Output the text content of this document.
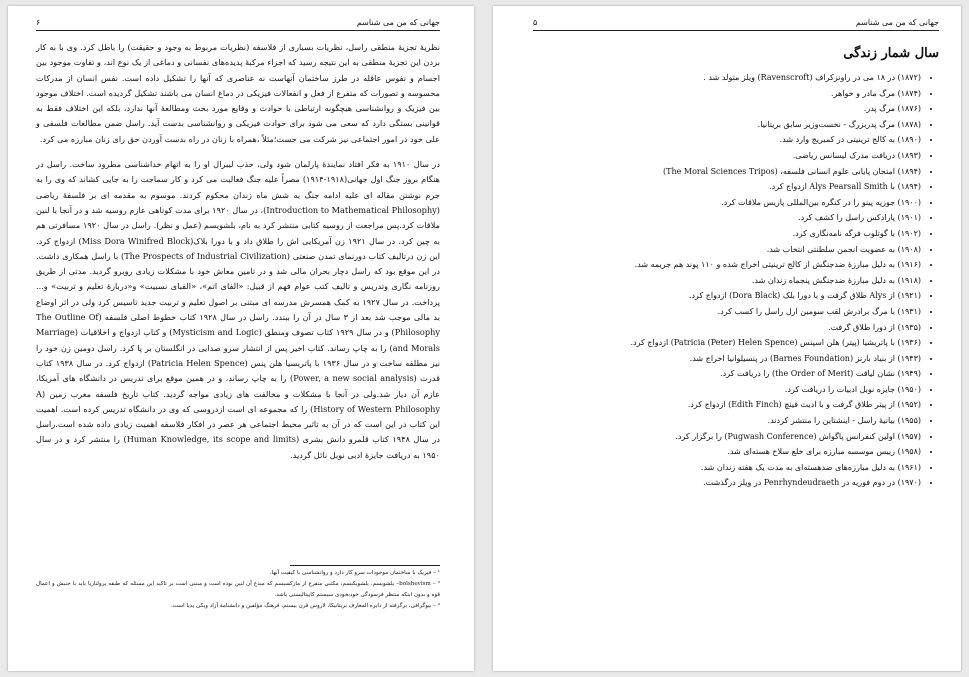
جهانی که من می شناسم
۶

نظریهٔ تجزیهٔ منطقی راسل، نظریات بسیاری از فلاسفه (نظریات مربوط به وجود و حقیقت) را باطل کرد. وی با به کار بردن این تجزیهٔ منطقی به این نتیجه رسید که اجزاء مرکبهٔ پدیده‌های نفسانی و دماغی از یک نوع اند، و تفاوت موجود بین اجسام و نفوس عاقله در طرز ساختمان آنهاست نه عناصری که آنها را تشکیل داده است. نفس انسان از مدرکات محسوسه و تصورات که متفرع از فعل و انفعالات فیزیکی در دماغ انسان می باشند تشکیل گردیده است. اختلاف موجود بین فیزیک و روانشناسی هیچگونه ارتباطی با حوادث و وقایع مورد بحث ومطالعهٔ آنها ندارد، بلکه این اختلاف فقط به قوانینی بستگی دارد که سعی می شود برای حوادث فیزیکی و روانشناسی بدست آید. راسل ضمن مطالعات فلسفی و علی خود در امور اجتماعی نیز شرکت می جست؛مثلاً ،همراه با زنان در راه بدست آوردن حق رای زنان مبارزه می کرد.

در سال ۱۹۱۰ به فکر افتاد نمایندهٔ پارلمان شود ولی، حذب لیبرال او را به اتهام خداشناسی مطرود ساخت. راسل در هنگام بروز جنگ اول جهانی(۱۹۱۸-۱۹۱۴) مصراً علیه جنگ فعالیت می کرد و کار سماجت را به جایی کشاند که وی را به جرم نوشتن مقاله ای علیه ادامه جنگ به شش ماه زندان محکوم کردند. موسوم به مقدمه ای بر فلسفهٔ ریاضی (Introduction to Mathematical Philosophy)، در سال ۱۹۲۰ برای مدت کوتاهی عازم روسیه شد و در آنجا با لنین ملاقات کرد.پس مراجعت از روسیه کتابی منتشر کرد به نام، بلشویسم (عمل و نظر). راسل در سال ۱۹۲۰ مسافرتی هم به چین کرد. در سال ۱۹۲۱ زن آمریکایی اش را طلاق داد و با دورا بلاک(Miss Dora Winifred Block) ازدواج کرد. این زن درتالیف کتاب دورنمای تمدن صنعتی (The Prospects of Industrial Civilization) با راسل همکاری داشت. در این موقع بود که راسل دچار بحران مالی شد و در تامین معاش خود با مشکلات زیادی روبرو گردید. مدتی از طریق روزنامه نگاری وتدریس و تالیف کتب عوام فهم از قبیل: «الفای اتم»، «الفبای نسبیت» و«دربارهٔ تعلیم و تربیت» و... پرداخت. در سال ۱۹۲۷ به کمک همسرش مدرسه ای مبتنی بر اصول تعلیم و تربیت جدید تاسیس کرد ولی در اثر اوضاع بد مالی موجب شد بعد از ۳ سال در آن را ببندد. راسل در سال ۱۹۲۸ کتاب خطوط اصلی فلسفه (The Outline Of Philosophy) و در سال ۱۹۲۹ کتاب تصوف ومنطق (Mysticism and Logic) و کتاب ازدواج و اخلاقیات (Marriage and Morals) را به چاپ رساند. کتاب اخیر پس از انتشار سرو صدایی در انگلستان بر پا کرد. راسل دومین زن خود را نیز مطلقه ساخت و در سال ۱۹۳۶ با پاتریسیا هلن پنس (Patricia Helen Spence) ازدواج کرد. در سال ۱۹۳۸ کتاب قدرت (Power, a new social analysis) را به چاپ رساند، و در همین موقع برای تدریس در دانشگاه های آمریکا، عازم آن دیار شد.ولی در آنجا با مشکلات و مخالفت های زیادی مواجه گردید. کتاب تاریخ فلسفه مغرب زمین (A History of Western Philosophy) را که مجموعه ای است ازدروسی که وی در دانشگاه تدریس کرده است. اهمیت این کتاب در این است که در آن به تاثیر محیط اجتماعی هر عصر در افکار فلاسفه اهمیت زیادی داده شده است.راسل در سال ۱۹۴۸ کتاب قلمرو دانش بشری (Human Knowledge, its scope and limits) را منتشر کرد و در سال ۱۹۵۰ به دریافت جایزهٔ ادبی نوبل نائل گردید.

¹ – فیزیک با ساختمان موجودات سرو کار دارد و روانشناسی با کیفیت آنها.
² – bolshevism– بلشویسم، بلشویکیسم، مکتبی متفرع از مارکسیسم که مبدع آن لنین بوده است و مبتنی است بر تاکید این مسئله که طبقه پرولتاریا باید با جنبش و اعمال قوه و بدون اینکه منتظر فرسودگی خودبخودی سیستم کاپیتالیستی باشد.
³ – بیوگرافی، برگرفته از دایره المعارف بریتانیکا، لاروس قرن بیستم، فرهنگ مؤلفین و دانشنامهٔ آزاد ویکی پدیا است.
جهانی که من می شناسم
۵
سال شمار زندگی
• (۱۸۷۲) در ۱۸ می در راونزکراف (Ravenscroft) ویلز متولد شد .
• (۱۸۷۴) مرگ مادر و خواهر.
• (۱۸۷۶) مرگ پدر.
• (۱۸۷۸) مرگ پدربزرگ - نخست‌وزیر سابق بریتانیا.
• (۱۸۹۰) به کالج ترینیتی در کمبریج وارد شد.
• (۱۸۹۳) دریافت مدرک لیسانس ریاضی.
• (۱۸۹۴) امتحان پایانی علوم انسانی فلسفه، (The Moral Sciences Tripos)
• (۱۸۹۴) با Alys Pearsall Smith ازدواج کرد.
• (۱۹۰۰) جوزپه پینو را در کنگره بین‌المللی پاریس ملاقات کرد.
• (۱۹۰۱) پارادکس راسل را کشف کرد.
• (۱۹۰۲) با گوتلوب فرگه نامه‌نگاری کرد.
• (۱۹۰۸) به عضویت انجمن سلطنتی انتخاب شد.
• (۱۹۱۶) به دلیل مبارزهٔ ضدجنگش از کالج ترینیتی اخراج شده و ۱۱۰ پوند هم جریمه شد.
• (۱۹۱۸) به دلیل مبارزهٔ ضدجنگش پنجماه زندان شد.
• (۱۹۲۱) از Alys طلاق گرفت و با دورا بلک (Dora Black) ازدواج کرد.
• (۱۹۳۱) با مرگ برادرش لقب سومین ارل راسل را کسب کرد.
• (۱۹۳۵) از دورا طلاق گرفت.
• (۱۹۳۶) با پاتریشیا (پیتر) هلن اسپنس (Patricia (Peter) Helen Spence) ازدواج کرد.
• (۱۹۴۳) از بنیاد بارنز (Barnes Foundation) در پنسیلوانیا اخراج شد.
• (۱۹۴۹) نشان لیاقت (the Order of Merit) را دریافت کرد.
• (۱۹۵۰) جایزه نوبل ادبیات را دریافت کرد.
• (۱۹۵۲) از پیتر طلاق گرفت و با ادیث فینچ (Edith Finch) ازدواج کرد.
• (۱۹۵۵) بیانیهٔ راسل - اینشتاین را منتشر کردند.
• (۱۹۵۷) اولین کنفرانس پاگواش (Pugwash Conference) را برگزار کرد.
• (۱۹۵۸) رییس موسسه مبارزه برای خلع سلاح هسته‌ای شد.
• (۱۹۶۱) به دلیل مبارزه‌های ضدهسته‌ای به مدت یک هفته زندان شد.
• (۱۹۷۰) در دوم فوریه در Penrhyndeudraeth در ویلز درگذشت.
